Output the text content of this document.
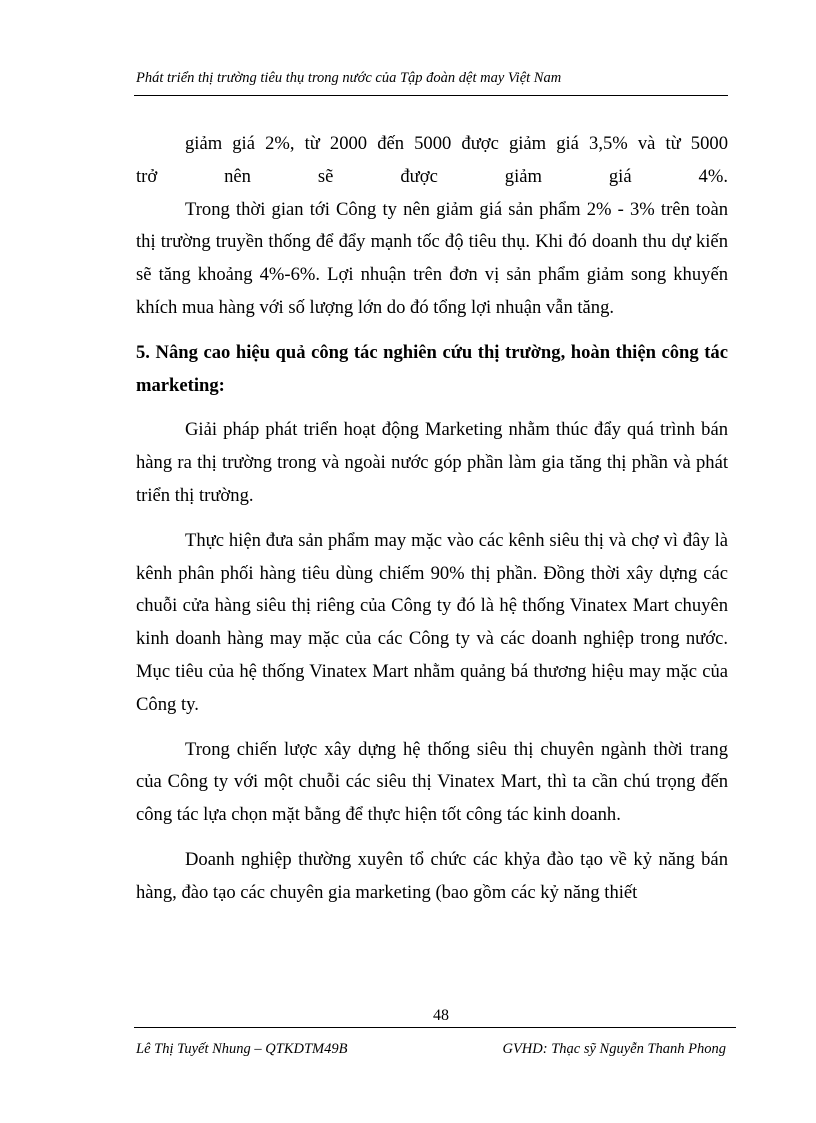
Phát triển thị trường tiêu thụ trong nước của Tập đoàn dệt may Việt Nam

giảm giá 2%, từ 2000 đến 5000 được giảm giá 3,5% và từ 5000

trở nên sẽ được giảm giá 4%.

Trong thời gian tới Công ty nên giảm giá sản phẩm 2% - 3% trên toàn thị trường truyền thống để đẩy mạnh tốc độ tiêu thụ. Khi đó doanh thu dự kiến sẽ tăng khoảng 4%-6%. Lợi nhuận trên đơn vị sản phẩm giảm song khuyến khích mua hàng với số lượng lớn do đó tổng lợi nhuận vẫn tăng.

5. Nâng cao hiệu quả công tác nghiên cứu thị trường, hoàn thiện công tác marketing:

Giải pháp phát triển hoạt động Marketing nhằm thúc đẩy quá trình bán hàng ra thị trường trong và ngoài nước góp phần làm gia tăng thị phần và phát triển thị trường.

Thực hiện đưa sản phẩm may mặc vào các kênh siêu thị và chợ vì đây là kênh phân phối hàng tiêu dùng chiếm 90% thị phần. Đồng thời xây dựng các chuỗi cửa hàng siêu thị riêng của Công ty đó là hệ thống Vinatex Mart chuyên kinh doanh hàng may mặc của các Công ty và các doanh nghiệp trong nước. Mục tiêu của hệ thống Vinatex Mart nhằm quảng bá thương hiệu may mặc của Công ty.

Trong chiến lược xây dựng hệ thống siêu thị chuyên ngành thời trang của Công ty với một chuỗi các siêu thị Vinatex Mart, thì ta cần chú trọng đến công tác lựa chọn mặt bằng để thực hiện tốt công tác kinh doanh.

Doanh nghiệp thường xuyên tổ chức các khỷa đào tạo về kỷ năng bán hàng, đào tạo các chuyên gia marketing (bao gồm các kỷ năng thiết

48
Lê Thị Tuyết Nhung – QTKDTM49B	GVHD: Thạc sỹ Nguyễn Thanh Phong
